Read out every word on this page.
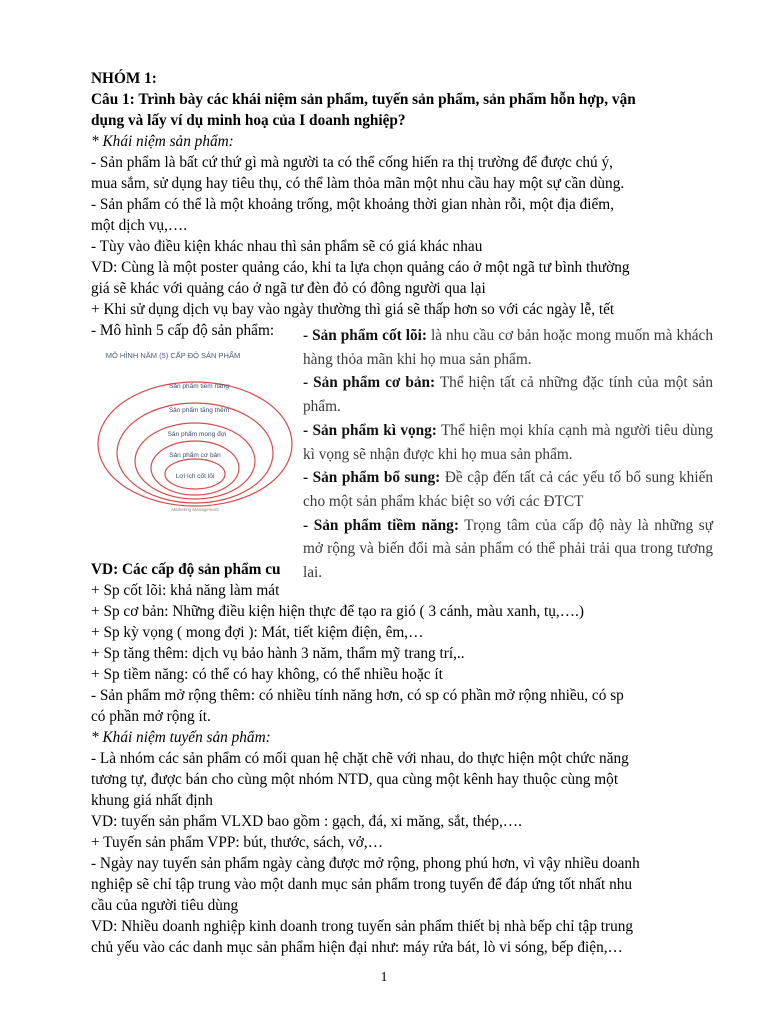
NHÓM 1:
Câu 1: Trình bày các khái niệm sản phẩm, tuyến sản phẩm, sản phẩm hỗn hợp, vận
dụng và lấy ví dụ minh hoạ của I doanh nghiệp?
* Khái niệm sản phẩm:
- Sản phẩm là bất cứ thứ gì mà người ta có thể cống hiến ra thị trường để được chú ý,
mua sắm, sử dụng hay tiêu thụ, có thể làm thỏa mãn một nhu cầu hay một sự cần dùng.
- Sản phẩm có thể là một khoảng trống, một khoảng thời gian nhàn rỗi, một địa điểm,
một dịch vụ,….
- Tùy vào điều kiện khác nhau thì sản phẩm sẽ có giá khác nhau
VD: Cùng là một poster quảng cáo, khi ta lựa chọn quảng cáo ở một ngã tư bình thường
giá sẽ khác với quảng cáo ở ngã tư đèn đỏ có đông người qua lại
+ Khi sử dụng dịch vụ bay vào ngày thường thì giá sẽ thấp hơn so với các ngày lễ, tết
- Mô hình 5 cấp độ sản phẩm:
MÔ HÌNH NĂM (5) CẤP ĐỘ SẢN PHẨM
Sản phẩm tiềm năng
Sản phẩm tăng thêm
Sản phẩm mong đợi
Sản phẩm cơ bản
Lợi ích cốt lõi
Marketing Management
VD: Các cấp độ sản phẩm cu
+ Sp cốt lõi: khả năng làm mát
+ Sp cơ bản: Những điều kiện hiện thực để tạo ra gió ( 3 cánh, màu xanh, tụ,….)
+ Sp kỳ vọng ( mong đợi ): Mát, tiết kiệm điện, êm,…
+ Sp tăng thêm: dịch vụ bảo hành 3 năm, thẩm mỹ trang trí,..
+ Sp tiềm năng: có thể có hay không, có thể nhiều hoặc ít
- Sản phẩm mở rộng thêm: có nhiều tính năng hơn, có sp có phần mở rộng nhiều, có sp
có phần mở rộng ít.
* Khái niệm tuyến sản phẩm:
- Là nhóm các sản phẩm có mối quan hệ chặt chẽ với nhau, do thực hiện một chức năng
tương tự, được bán cho cùng một nhóm NTD, qua cùng một kênh hay thuộc cùng một
khung giá nhất định
VD: tuyến sản phẩm VLXD bao gồm : gạch, đá, xi măng, sắt, thép,….
+ Tuyến sản phẩm VPP: bút, thước, sách, vở,…
- Ngày nay tuyến sản phẩm ngày càng được mở rộng, phong phú hơn, vì vậy nhiều doanh
nghiệp sẽ chỉ tập trung vào một danh mục sản phẩm trong tuyến để đáp ứng tốt nhất nhu
cầu của người tiêu dùng
VD: Nhiều doanh nghiệp kinh doanh trong tuyến sản phẩm thiết bị nhà bếp chỉ tập trung
chủ yếu vào các danh mục sản phẩm hiện đại như: máy rửa bát, lò vi sóng, bếp điện,…

- Sản phẩm cốt lõi: là nhu cầu cơ bản hoặc mong muốn mà khách hàng thỏa mãn khi họ mua sản phẩm.

- Sản phẩm cơ bản: Thể hiện tất cả những đặc tính của một sản phẩm.

- Sản phẩm kì vọng: Thể hiện mọi khía cạnh mà người tiêu dùng kì vọng sẽ nhận được khi họ mua sản phẩm.

- Sản phẩm bổ sung: Đề cập đến tất cả các yếu tố bổ sung khiến cho một sản phẩm khác biệt so với các ĐTCT

- Sản phẩm tiềm năng: Trọng tâm của cấp độ này là những sự mở rộng và biến đổi mà sản phẩm có thể phải trải qua trong tương lai.

1
